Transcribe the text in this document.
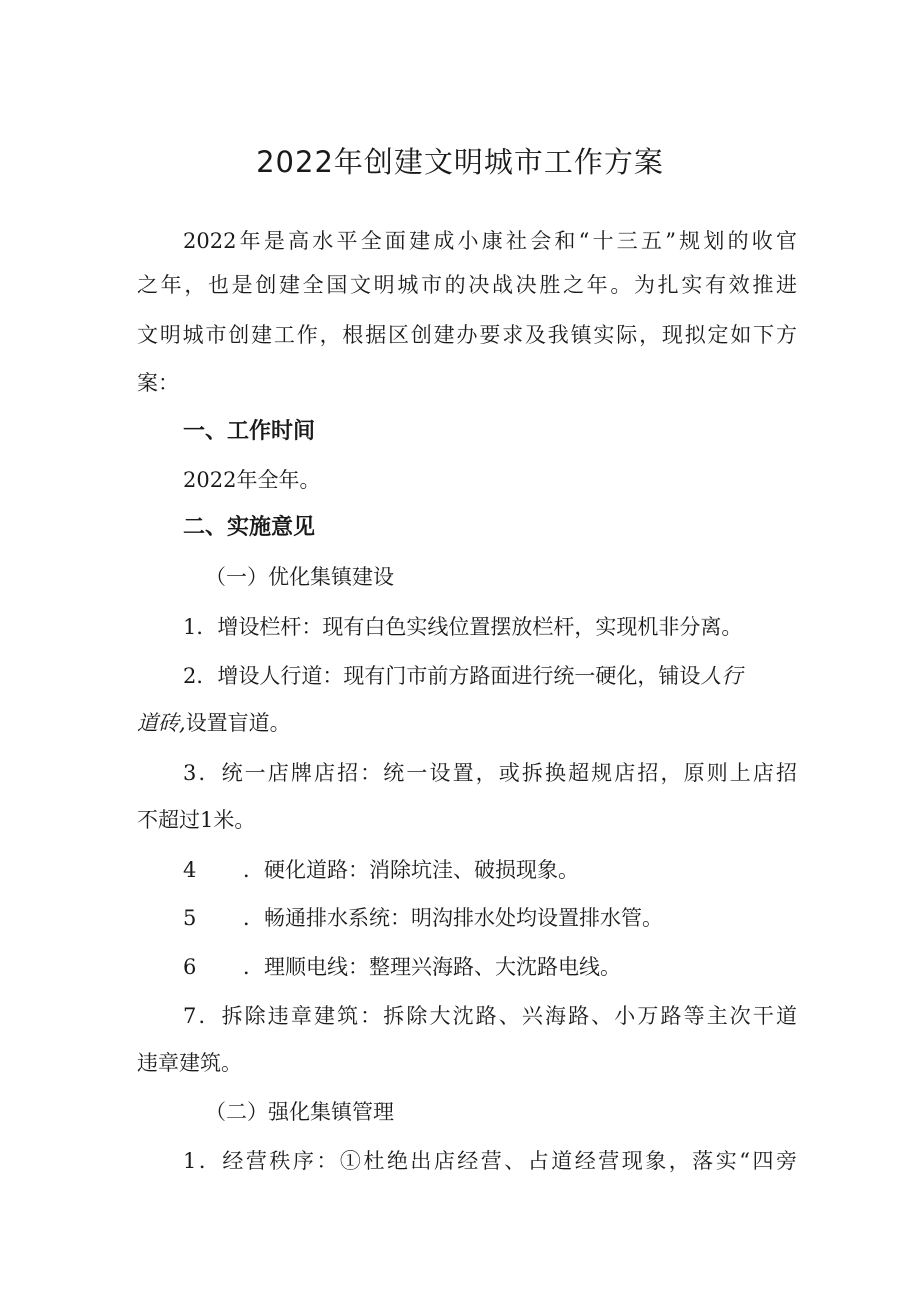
2022年创建文明城市工作方案
2022年是高水平全面建成小康社会和“十三五”规划的收官
之年，也是创建全国文明城市的决战决胜之年。为扎实有效推进
文明城市创建工作，根据区创建办要求及我镇实际，现拟定如下方
案：
一、工作时间
2022年全年。
二、实施意见
（一）优化集镇建设
1．增设栏杆：现有白色实线位置摆放栏杆，实现机非分离。
2．增设人行道：现有门市前方路面进行统一硬化，铺设人行
道砖,设置盲道。
3．统一店牌店招：统一设置，或拆换超规店招，原则上店招
不超过1米。
4 ．硬化道路：消除坑洼、破损现象。
5 ．畅通排水系统：明沟排水处均设置排水管。
6 ．理顺电线：整理兴海路、大沈路电线。
7．拆除违章建筑：拆除大沈路、兴海路、小万路等主次干道
违章建筑。
（二）强化集镇管理
1．经营秩序：①杜绝出店经营、占道经营现象，落实“四旁
